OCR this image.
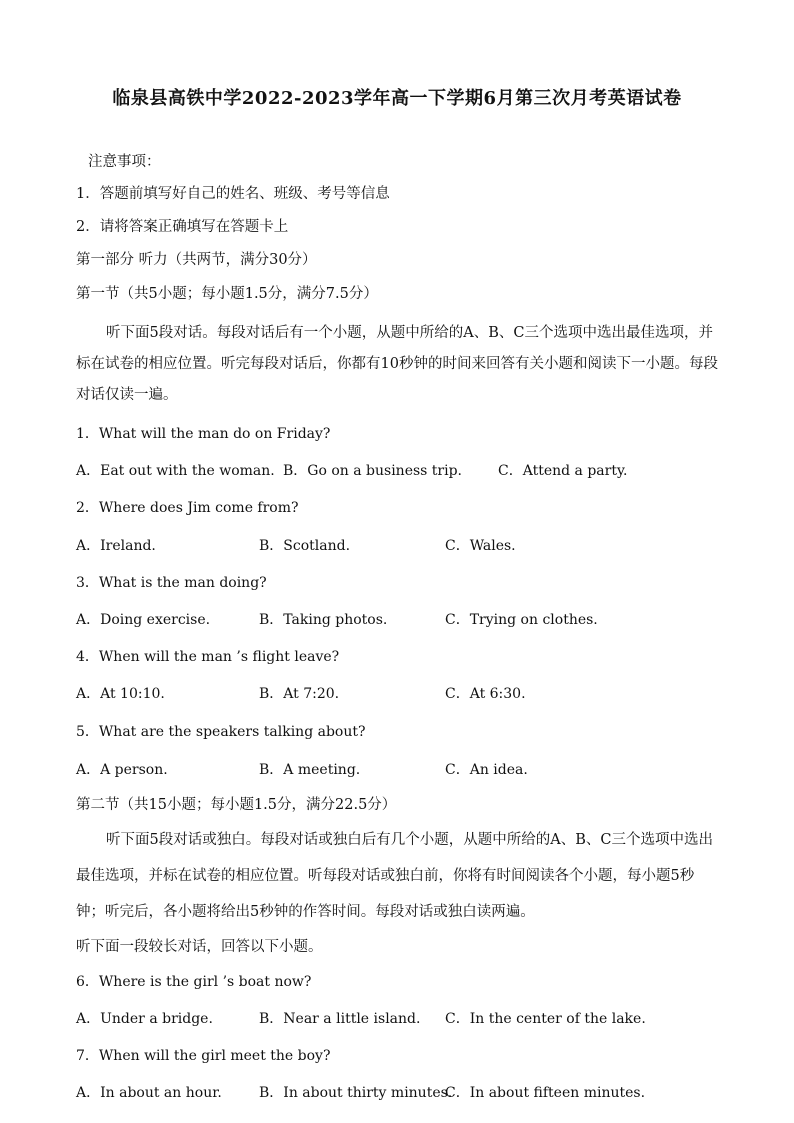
临泉县高铁中学2022-2023学年高一下学期6月第三次月考英语试卷
注意事项：
1．答题前填写好自己的姓名、班级、考号等信息
2．请将答案正确填写在答题卡上
第一部分 听力（共两节，满分30分）
第一节（共5小题；每小题1.5分，满分7.5分）
听下面5段对话。每段对话后有一个小题，从题中所给的A、B、C三个选项中选出最佳选项，并标在试卷的相应位置。听完每段对话后，你都有10秒钟的时间来回答有关小题和阅读下一小题。每段对话仅读一遍。
1．What will the man do on Friday?
A．Eat out with the woman. B．Go on a business trip.	C．Attend a party.
2．Where does Jim come from?
A．Ireland.	B．Scotland.	C．Wales.
3．What is the man doing?
A．Doing exercise.	B．Taking photos.	C．Trying on clothes.
4．When will the man ’s flight leave?
A．At 10:10.	B．At 7:20.	C．At 6:30.
5．What are the speakers talking about?
A．A person.	B．A meeting.	C．An idea.
第二节（共15小题；每小题1.5分，满分22.5分）
听下面5段对话或独白。每段对话或独白后有几个小题，从题中所给的A、B、C三个选项中选出最佳选项，并标在试卷的相应位置。听每段对话或独白前，你将有时间阅读各个小题，每小题5秒钟；听完后，各小题将给出5秒钟的作答时间。每段对话或独白读两遍。
听下面一段较长对话，回答以下小题。
6．Where is the girl ’s boat now?
A．Under a bridge.	B．Near a little island. C．In the center of the lake.
7．When will the girl meet the boy?
A．In about an hour.	B．In about thirty minutes.
C．In about fifteen minutes.
